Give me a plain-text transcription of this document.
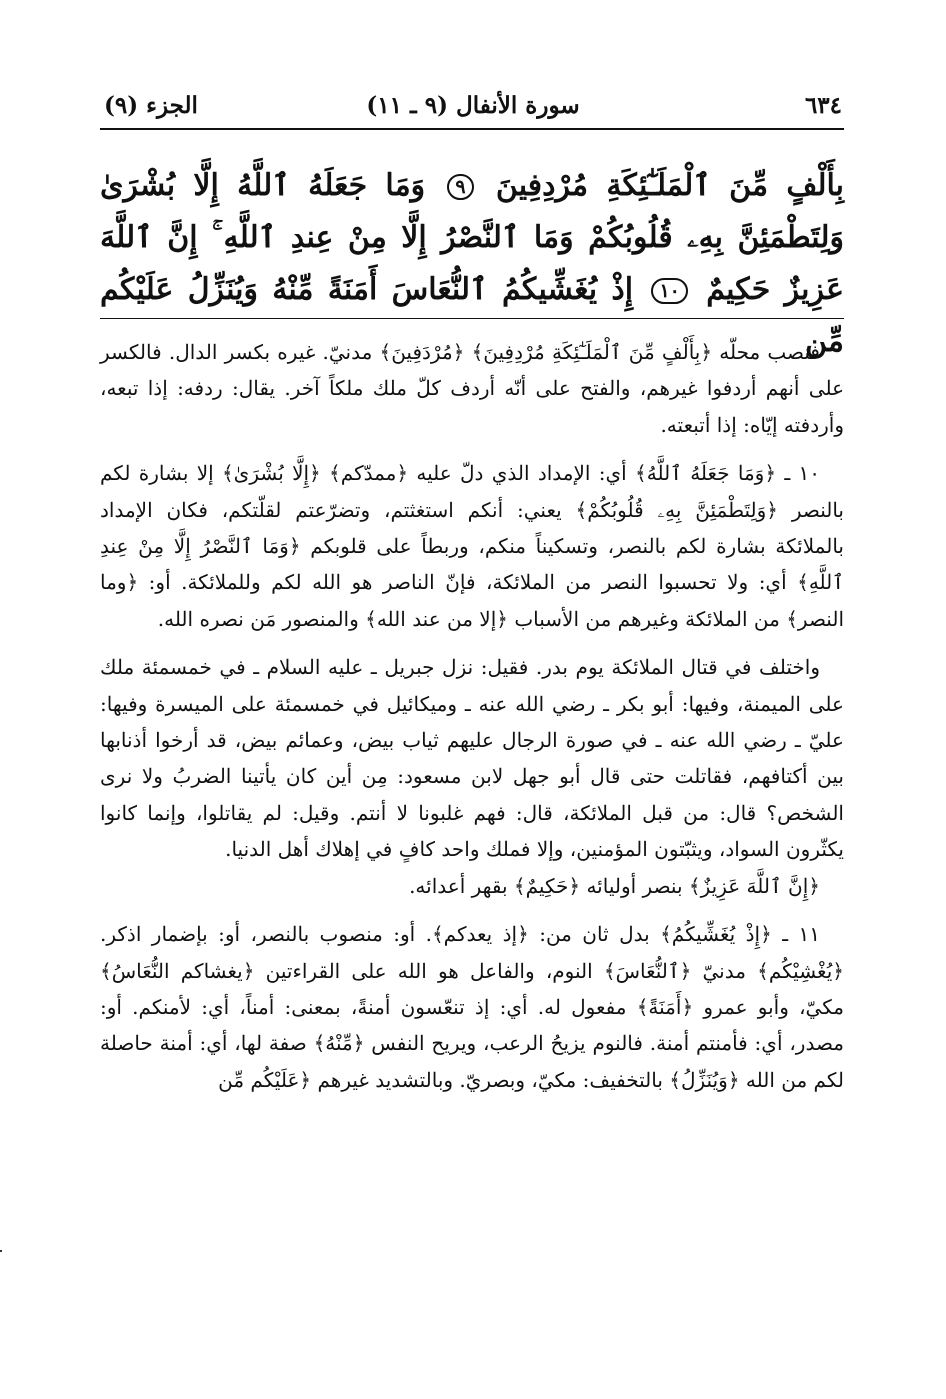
٦٣٤
سورة الأنفال (٩ ـ ١١)
الجزء (٩)
بِأَلْفٍ مِّنَ ٱلْمَلَـٰٓئِكَةِ مُرْدِفِينَ ٩ وَمَا جَعَلَهُ ٱللَّهُ إِلَّا بُشْرَىٰ وَلِتَطْمَئِنَّ بِهِۦ قُلُوبُكُمْ وَمَا ٱلنَّصْرُ إِلَّا مِنْ عِندِ ٱللَّهِ ۚ إِنَّ ٱللَّهَ عَزِيزٌ حَكِيمٌ ١٠ إِذْ يُغَشِّيكُمُ ٱلنُّعَاسَ أَمَنَةً مِّنْهُ وَيُنَزِّلُ عَلَيْكُم مِّن

فنصب محلّه ﴿بِأَلْفٍ مِّنَ ٱلْمَلَـٰٓئِكَةِ مُرْدِفِينَ﴾ ﴿مُرْدَفِينَ﴾ مدنيّ. غيره بكسر الدال. فالكسر على أنهم أردفوا غيرهم، والفتح على أنّه أردف كلّ ملك ملكاً آخر. يقال: ردفه: إذا تبعه، وأردفته إيّاه: إذا أتبعته.

١٠ ـ ﴿وَمَا جَعَلَهُ ٱللَّهُ﴾ أي: الإمداد الذي دلّ عليه ﴿ممدّكم﴾ ﴿إِلَّا بُشْرَىٰ﴾ إلا بشارة لكم بالنصر ﴿وَلِتَطْمَئِنَّ بِهِۦ قُلُوبُكُمْ﴾ يعني: أنكم استغثتم، وتضرّعتم لقلّتكم، فكان الإمداد بالملائكة بشارة لكم بالنصر، وتسكيناً منكم، وربطاً على قلوبكم ﴿وَمَا ٱلنَّصْرُ إِلَّا مِنْ عِندِ ٱللَّهِ﴾ أي: ولا تحسبوا النصر من الملائكة، فإنّ الناصر هو الله لكم وللملائكة. أو: ﴿وما النصر﴾ من الملائكة وغيرهم من الأسباب ﴿إلا من عند الله﴾ والمنصور مَن نصره الله.

واختلف في قتال الملائكة يوم بدر. فقيل: نزل جبريل ـ عليه السلام ـ في خمسمئة ملك على الميمنة، وفيها: أبو بكر ـ رضي الله عنه ـ وميكائيل في خمسمئة على الميسرة وفيها: عليّ ـ رضي الله عنه ـ في صورة الرجال عليهم ثياب بيض، وعمائم بيض، قد أرخوا أذنابها بين أكتافهم، فقاتلت حتى قال أبو جهل لابن مسعود: مِن أين كان يأتينا الضربُ ولا نرى الشخص؟ قال: من قبل الملائكة، قال: فهم غلبونا لا أنتم. وقيل: لم يقاتلوا، وإنما كانوا يكثّرون السواد، ويثبّتون المؤمنين، وإلا فملك واحد كافٍ في إهلاك أهل الدنيا.

﴿إِنَّ ٱللَّهَ عَزِيزٌ﴾ بنصر أوليائه ﴿حَكِيمٌ﴾ بقهر أعدائه.

١١ ـ ﴿إِذْ يُغَشِّيكُمُ﴾ بدل ثان من: ﴿إذ يعدكم﴾. أو: منصوب بالنصر، أو: بإضمار اذكر. ﴿يُغْشِيْكُم﴾ مدنيّ ﴿ٱلنُّعَاسَ﴾ النوم، والفاعل هو الله على القراءتين ﴿يغشاكم النُّعَاسُ﴾ مكيّ، وأبو عمرو ﴿أَمَنَةً﴾ مفعول له. أي: إذ تنعّسون أمنةً، بمعنى: أمناً، أي: لأمنكم. أو: مصدر، أي: فأمنتم أمنة. فالنوم يزيحُ الرعب، ويريح النفس ﴿مِّنْهُ﴾ صفة لها، أي: أمنة حاصلة لكم من الله ﴿وَيُنَزِّلُ﴾ بالتخفيف: مكيّ، وبصريّ. وبالتشديد غيرهم ﴿عَلَيْكُم مِّن
